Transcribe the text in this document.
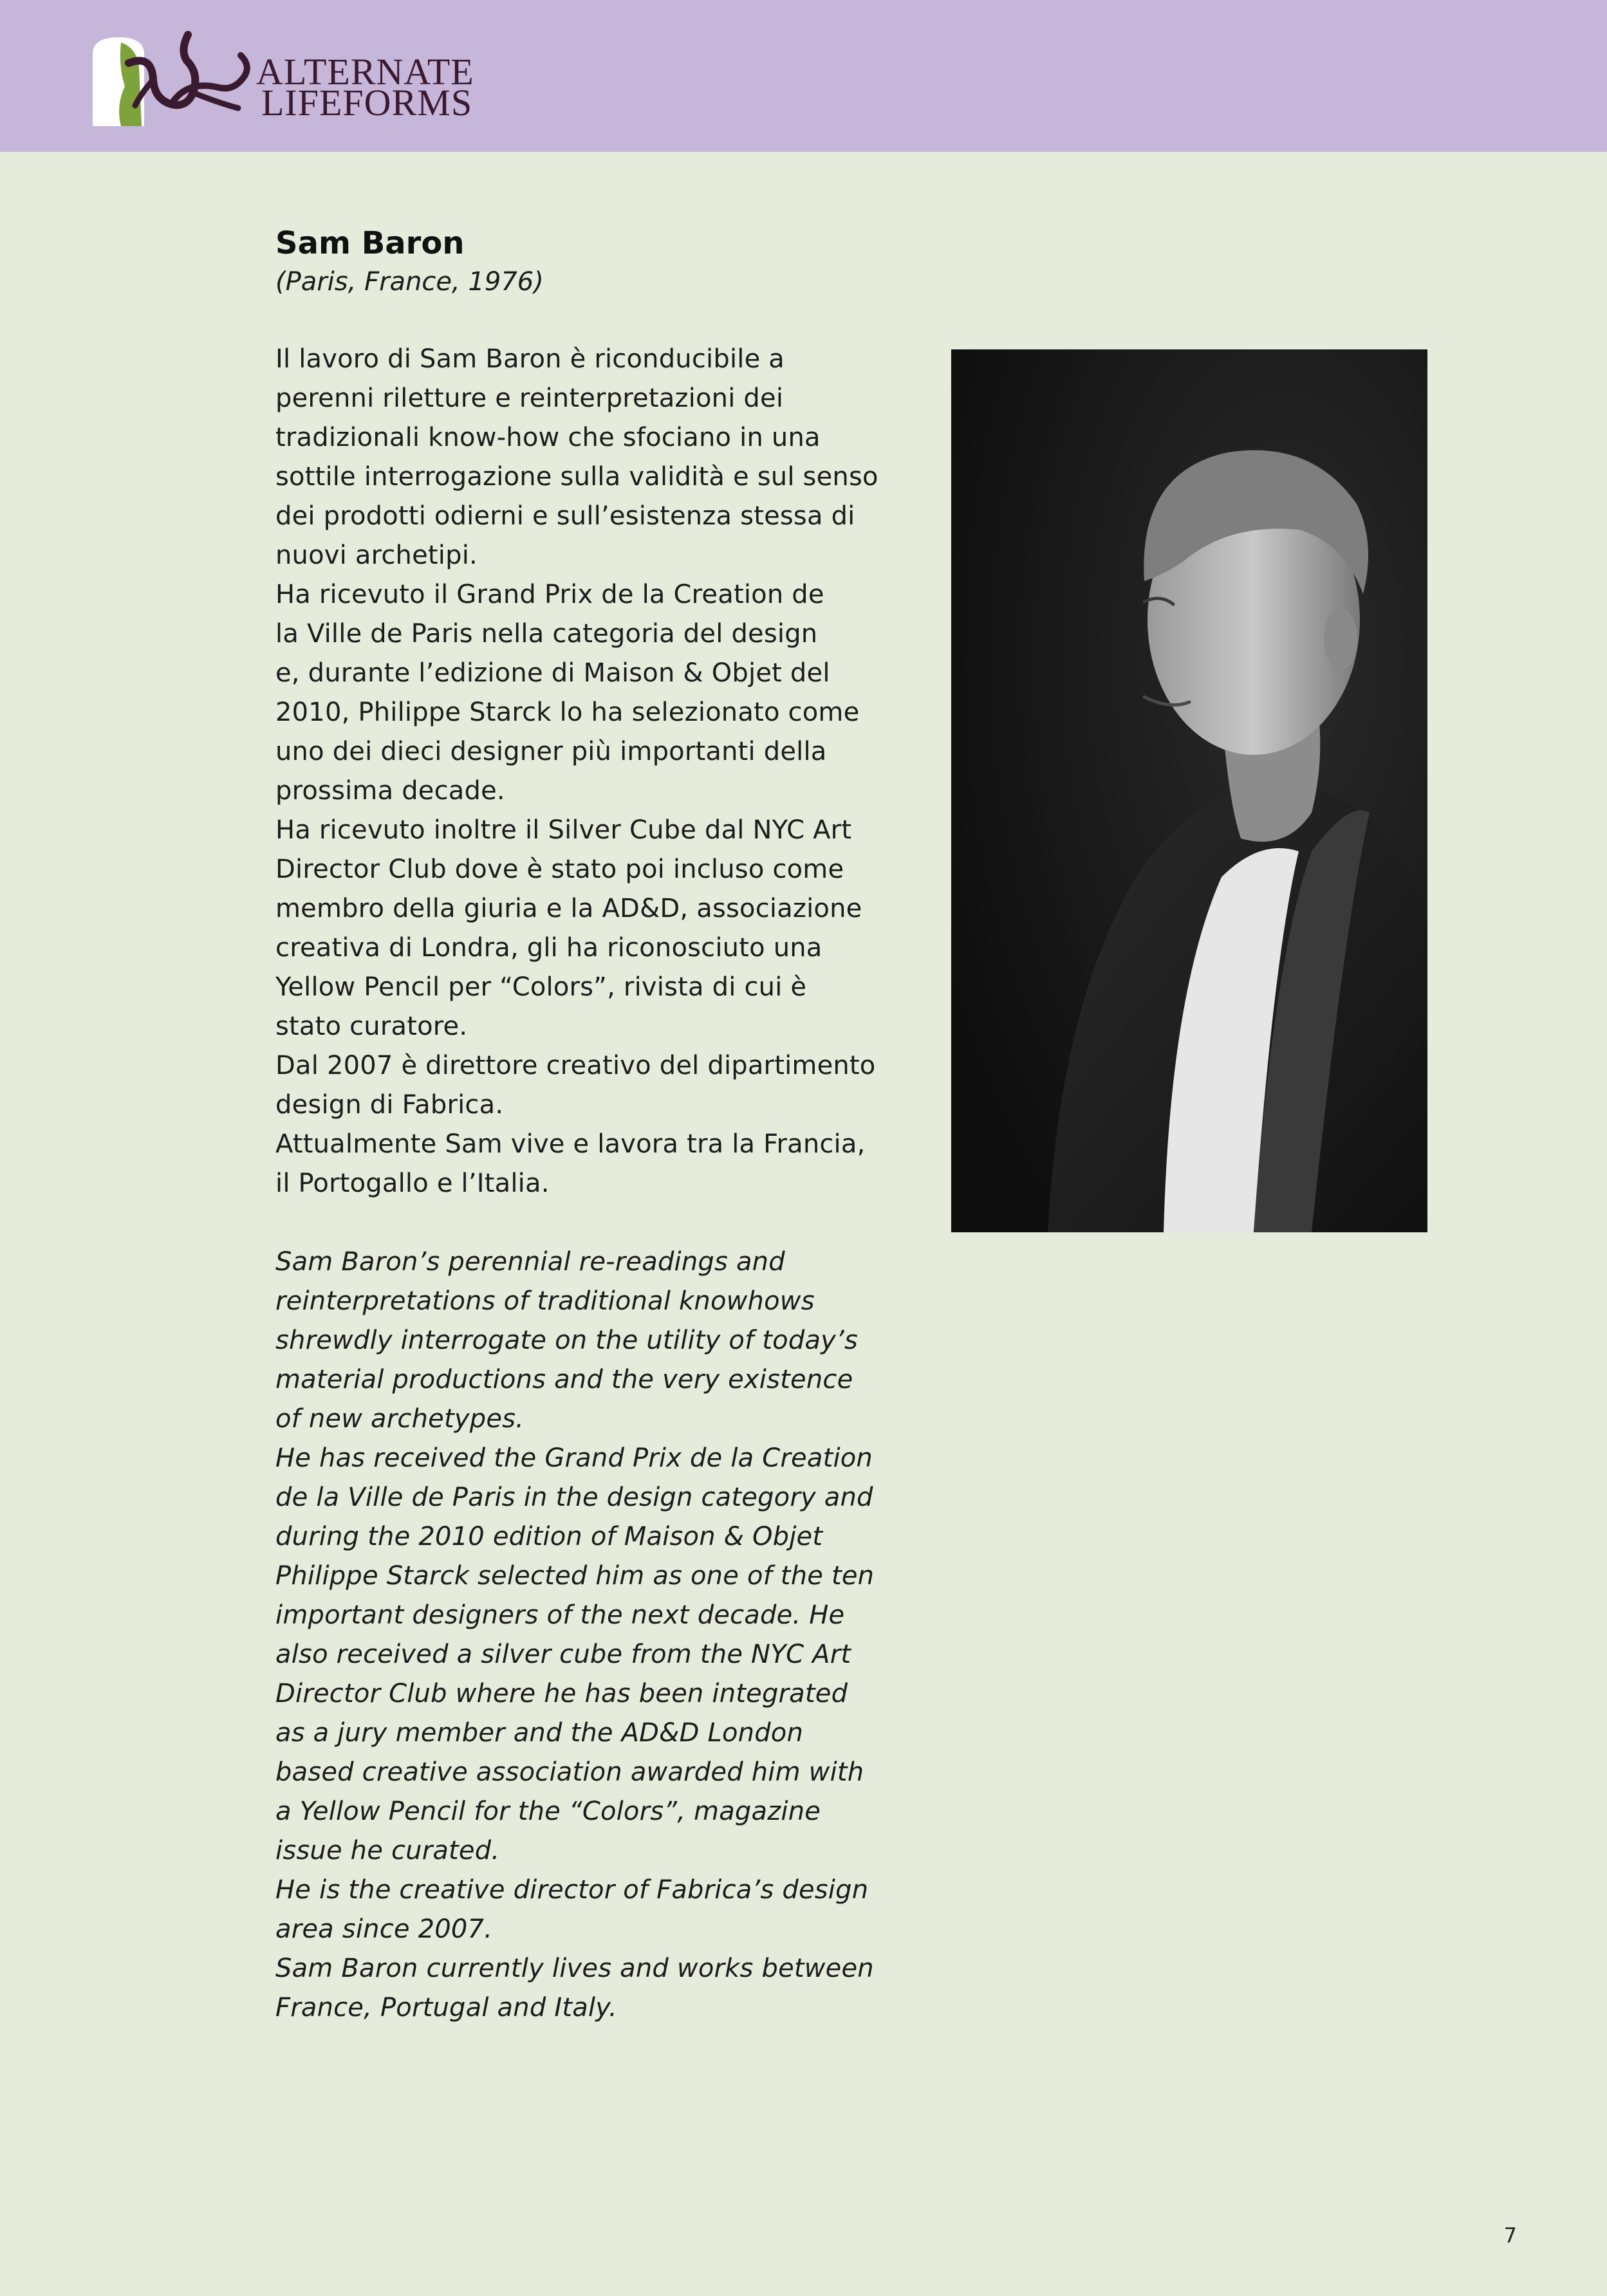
ALTERNATE
LIFEFORMS
Sam Baron

(Paris, France, 1976)

Il lavoro di Sam Baron è riconducibile a
perenni riletture e reinterpretazioni dei
tradizionali know-how che sfociano in una
sottile interrogazione sulla validità e sul senso
dei prodotti odierni e sull’esistenza stessa di
nuovi archetipi.
Ha ricevuto il Grand Prix de la Creation de
la Ville de Paris nella categoria del design
e, durante l’edizione di Maison & Objet del
2010, Philippe Starck lo ha selezionato come
uno dei dieci designer più importanti della
prossima decade.
Ha ricevuto inoltre il Silver Cube dal NYC Art
Director Club dove è stato poi incluso come
membro della giuria e la AD&D, associazione
creativa di Londra, gli ha riconosciuto una
Yellow Pencil per “Colors”, rivista di cui è
stato curatore.
Dal 2007 è direttore creativo del dipartimento
design di Fabrica.
Attualmente Sam vive e lavora tra la Francia,
il Portogallo e l’Italia.

Sam Baron’s perennial re-readings and
reinterpretations of traditional knowhows
shrewdly interrogate on the utility of today’s
material productions and the very existence
of new archetypes.
He has received the Grand Prix de la Creation
de la Ville de Paris in the design category and
during the 2010 edition of Maison & Objet
Philippe Starck selected him as one of the ten
important designers of the next decade. He
also received a silver cube from the NYC Art
Director Club where he has been integrated
as a jury member and the AD&D London
based creative association awarded him with
a Yellow Pencil for the “Colors”, magazine
issue he curated.
He is the creative director of Fabrica’s design
area since 2007.
Sam Baron currently lives and works between
France, Portugal and Italy.

7
